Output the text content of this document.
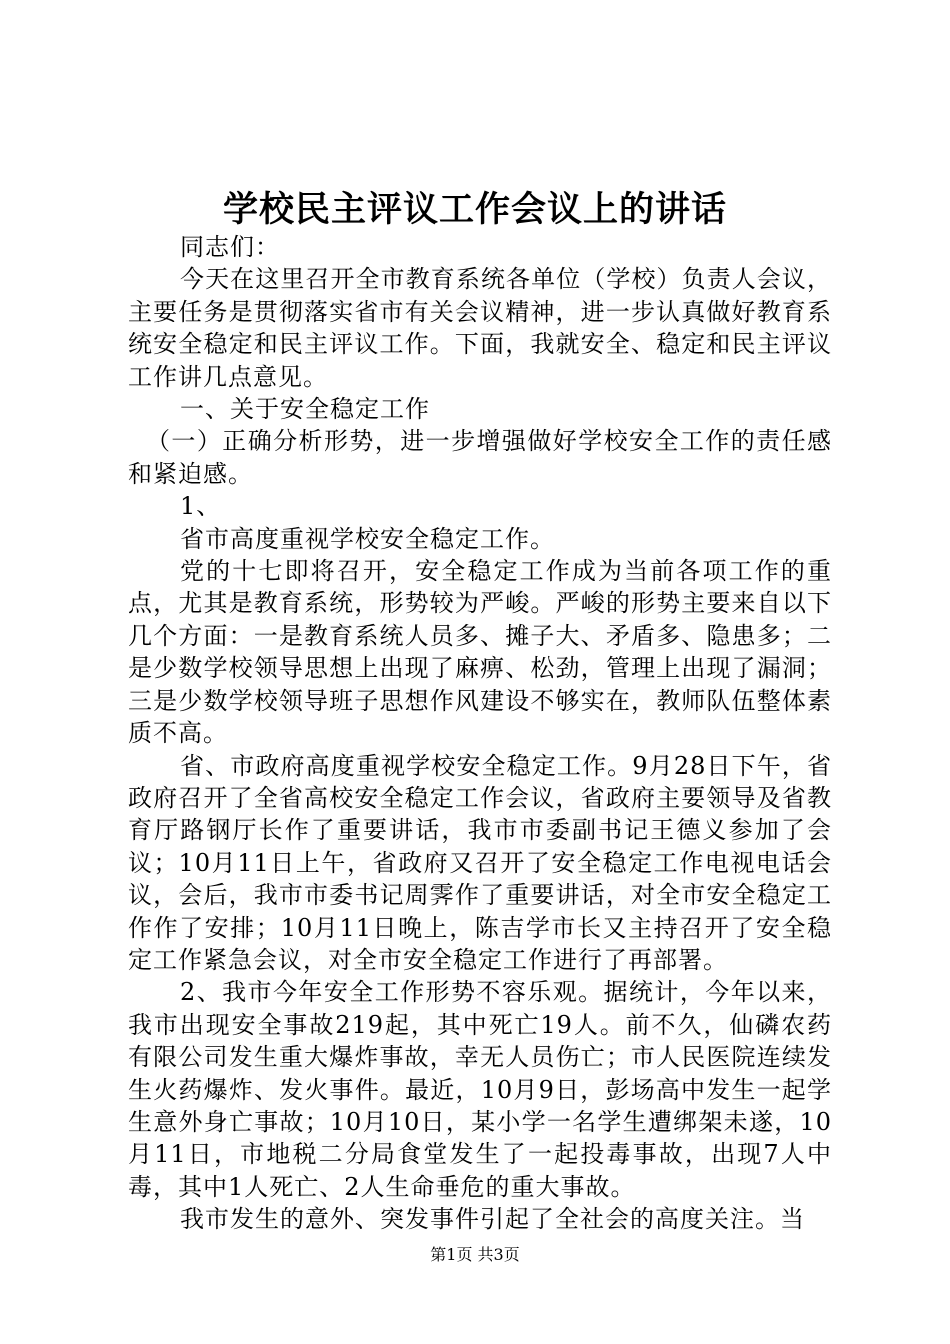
学校民主评议工作会议上的讲话

同志们：

今天在这里召开全市教育系统各单位（学校）负责人会议，主要任务是贯彻落实省市有关会议精神，进一步认真做好教育系统安全稳定和民主评议工作。下面，我就安全、稳定和民主评议工作讲几点意见。

一、关于安全稳定工作

（一）正确分析形势，进一步增强做好学校安全工作的责任感和紧迫感。

1、

省市高度重视学校安全稳定工作。

党的十七即将召开，安全稳定工作成为当前各项工作的重点，尤其是教育系统，形势较为严峻。严峻的形势主要来自以下几个方面：一是教育系统人员多、摊子大、矛盾多、隐患多；二是少数学校领导思想上出现了麻痹、松劲，管理上出现了漏洞；三是少数学校领导班子思想作风建设不够实在，教师队伍整体素质不高。

省、市政府高度重视学校安全稳定工作。9月28日下午，省政府召开了全省高校安全稳定工作会议，省政府主要领导及省教育厅路钢厅长作了重要讲话，我市市委副书记王德义参加了会议；10月11日上午，省政府又召开了安全稳定工作电视电话会议，会后，我市市委书记周霁作了重要讲话，对全市安全稳定工作作了安排；10月11日晚上，陈吉学市长又主持召开了安全稳定工作紧急会议，对全市安全稳定工作进行了再部署。

2、我市今年安全工作形势不容乐观。据统计，今年以来，我市出现安全事故219起，其中死亡19人。前不久，仙磷农药有限公司发生重大爆炸事故，幸无人员伤亡；市人民医院连续发生火药爆炸、发火事件。最近，10月9日，彭场高中发生一起学生意外身亡事故；10月10日，某小学一名学生遭绑架未遂，10月11日，市地税二分局食堂发生了一起投毒事故，出现7人中毒，其中1人死亡、2人生命垂危的重大事故。

我市发生的意外、突发事件引起了全社会的高度关注。当

第1页 共3页
